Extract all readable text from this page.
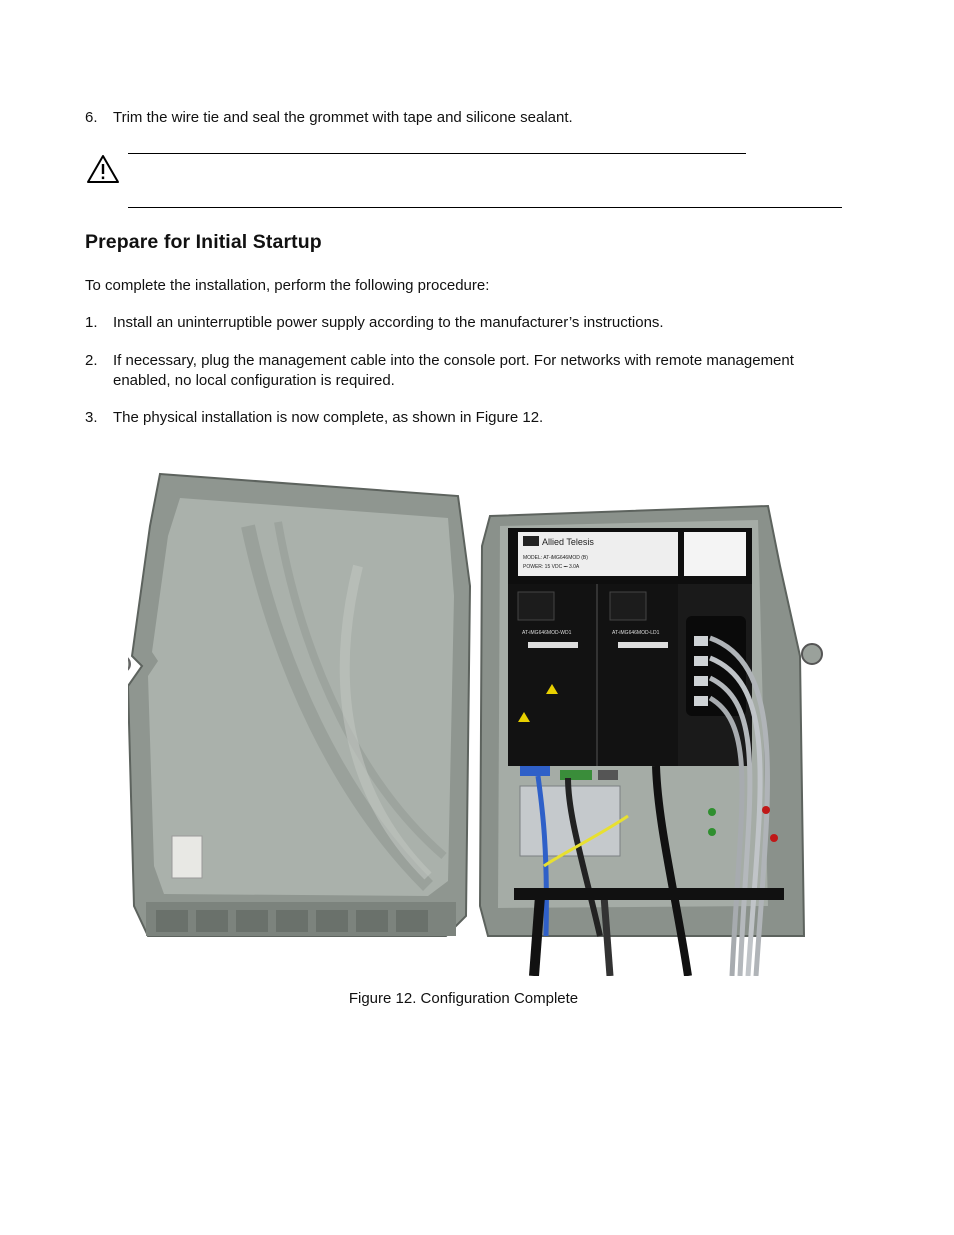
6. Trim the wire tie and seal the grommet with tape and silicone sealant.
Prepare for Initial Startup
To complete the installation, perform the following procedure:
1. Install an uninterruptible power supply according to the manufacturer’s instructions.
2. If necessary, plug the management cable into the console port. For networks with remote management enabled, no local configuration is required.
3. The physical installation is now complete, as shown in Figure 12.
Allied Telesis
MODEL: AT-iMG646MOD (B)
POWER: 15 VDC ⎓ 3.0A
SERIAL
MAC
AT-iMG646MOD-WD1	AT-iMG646MOD-LD1
Figure 12. Configuration Complete
